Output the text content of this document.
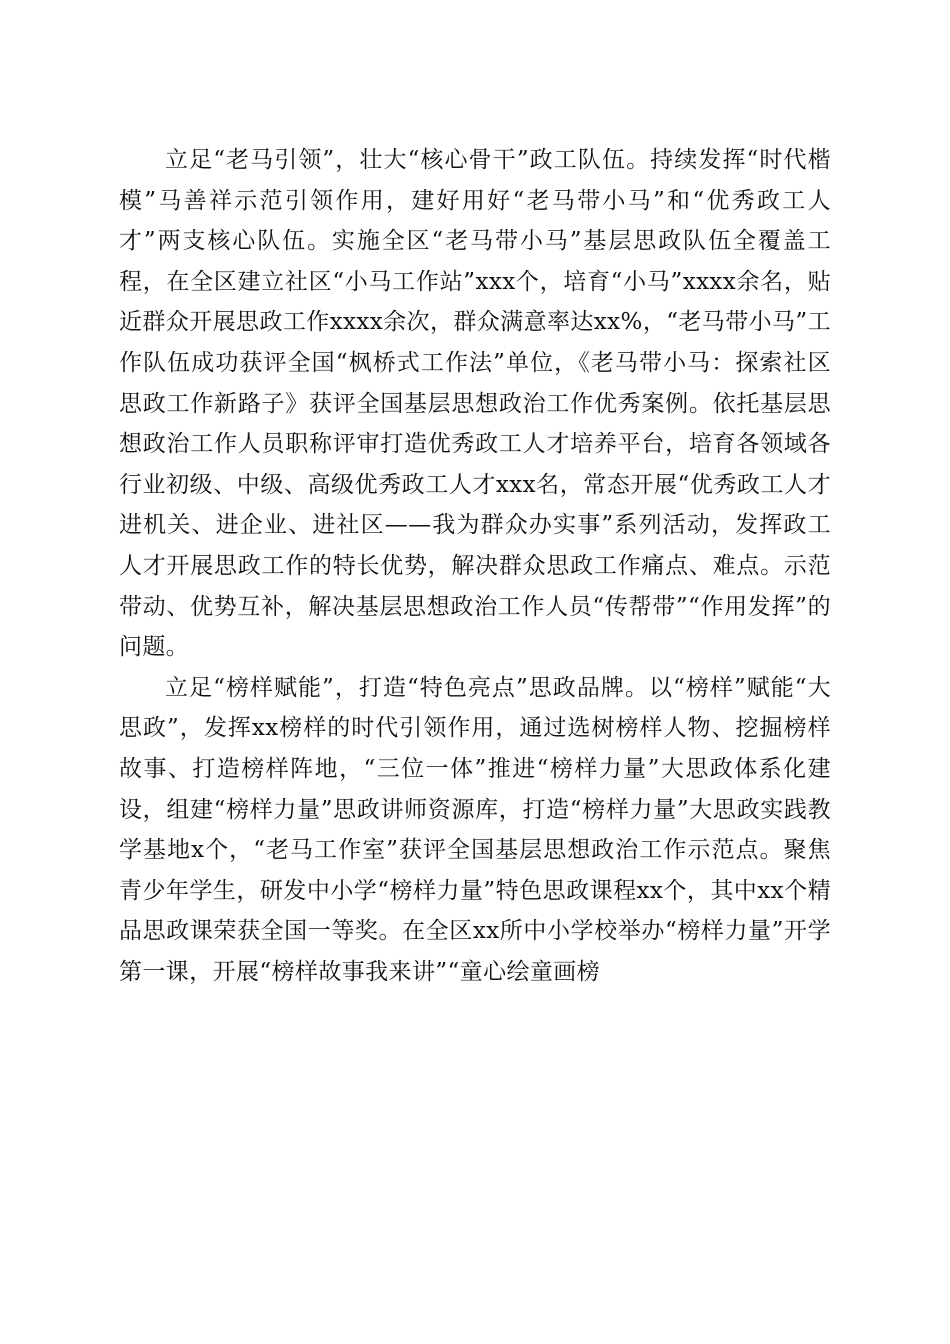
立足“老马引领”，壮大“核心骨干”政工队伍。持续发挥“时代楷模”马善祥示范引领作用，建好用好“老马带小马”和“优秀政工人才”两支核心队伍。实施全区“老马带小马”基层思政队伍全覆盖工程，在全区建立社区“小马工作站”xxx个，培育“小马”xxxx余名，贴近群众开展思政工作xxxx余次，群众满意率达xx%，“老马带小马”工作队伍成功获评全国“枫桥式工作法”单位，《老马带小马：探索社区思政工作新路子》获评全国基层思想政治工作优秀案例。依托基层思想政治工作人员职称评审打造优秀政工人才培养平台，培育各领域各行业初级、中级、高级优秀政工人才xxx名，常态开展“优秀政工人才进机关、进企业、进社区——我为群众办实事”系列活动，发挥政工人才开展思政工作的特长优势，解决群众思政工作痛点、难点。示范带动、优势互补，解决基层思想政治工作人员“传帮带”“作用发挥”的问题。

立足“榜样赋能”，打造“特色亮点”思政品牌。以“榜样”赋能“大思政”，发挥xx榜样的时代引领作用，通过选树榜样人物、挖掘榜样故事、打造榜样阵地，“三位一体”推进“榜样力量”大思政体系化建设，组建“榜样力量”思政讲师资源库，打造“榜样力量”大思政实践教学基地x个，“老马工作室”获评全国基层思想政治工作示范点。聚焦青少年学生，研发中小学“榜样力量”特色思政课程xx个，其中xx个精品思政课荣获全国一等奖。在全区xx所中小学校举办“榜样力量”开学第一课，开展“榜样故事我来讲”“童心绘童画榜
